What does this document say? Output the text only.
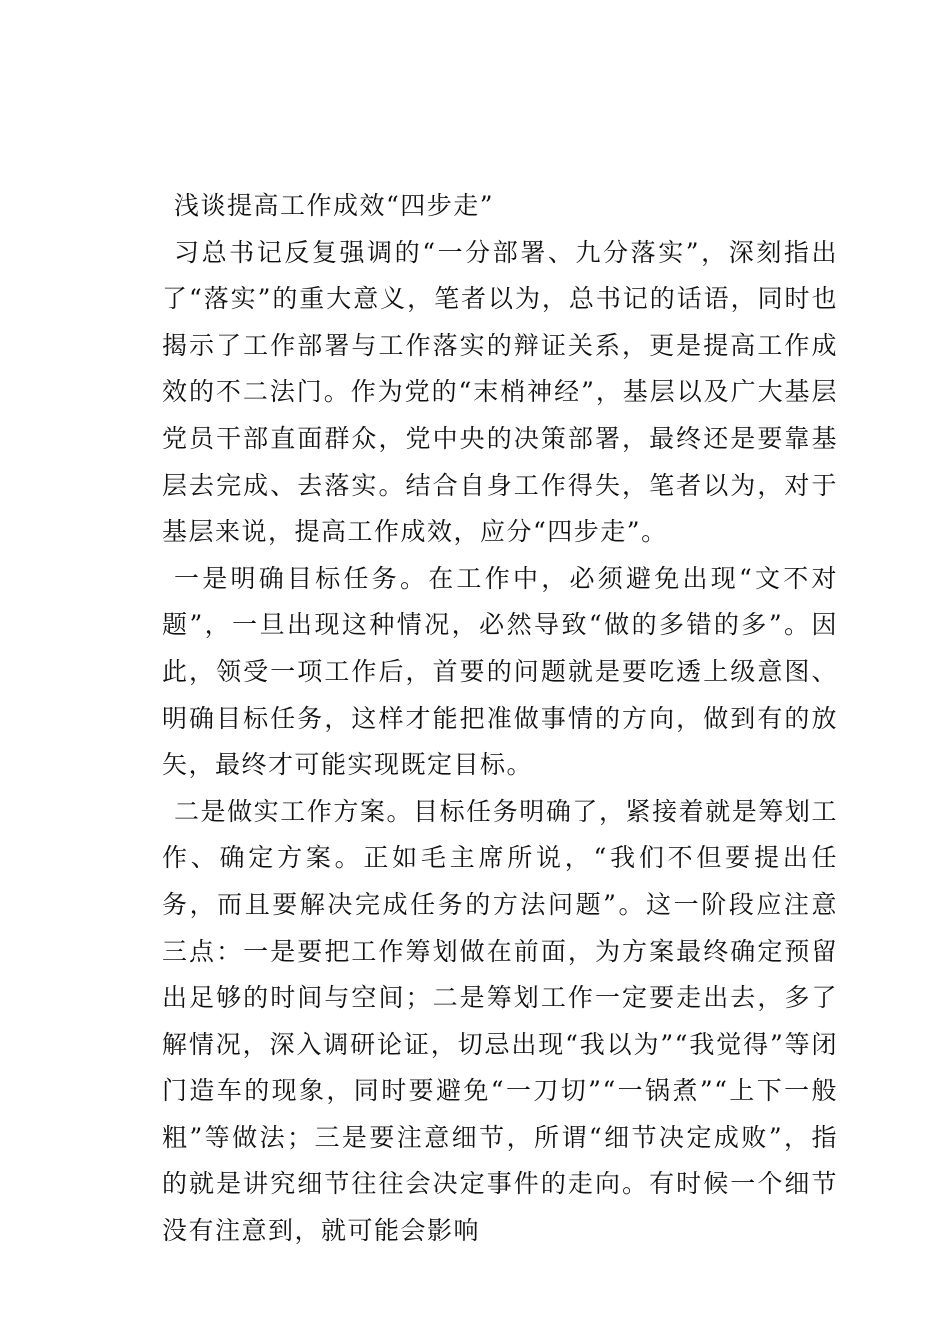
浅谈提高工作成效“四步走”

习总书记反复强调的“一分部署、九分落实”，深刻指出了“落实”的重大意义，笔者以为，总书记的话语，同时也揭示了工作部署与工作落实的辩证关系，更是提高工作成效的不二法门。作为党的“末梢神经”，基层以及广大基层党员干部直面群众，党中央的决策部署，最终还是要靠基层去完成、去落实。结合自身工作得失，笔者以为，对于基层来说，提高工作成效，应分“四步走”。

一是明确目标任务。在工作中，必须避免出现“文不对题”，一旦出现这种情况，必然导致“做的多错的多”。因此，领受一项工作后，首要的问题就是要吃透上级意图、明确目标任务，这样才能把准做事情的方向，做到有的放矢，最终才可能实现既定目标。

二是做实工作方案。目标任务明确了，紧接着就是筹划工作、确定方案。正如毛主席所说，“我们不但要提出任务，而且要解决完成任务的方法问题”。这一阶段应注意三点：一是要把工作筹划做在前面，为方案最终确定预留出足够的时间与空间；二是筹划工作一定要走出去，多了解情况，深入调研论证，切忌出现“我以为”“我觉得”等闭门造车的现象，同时要避免“一刀切”“一锅煮”“上下一般粗”等做法；三是要注意细节，所谓“细节决定成败”，指的就是讲究细节往往会决定事件的走向。有时候一个细节没有注意到，就可能会影响
